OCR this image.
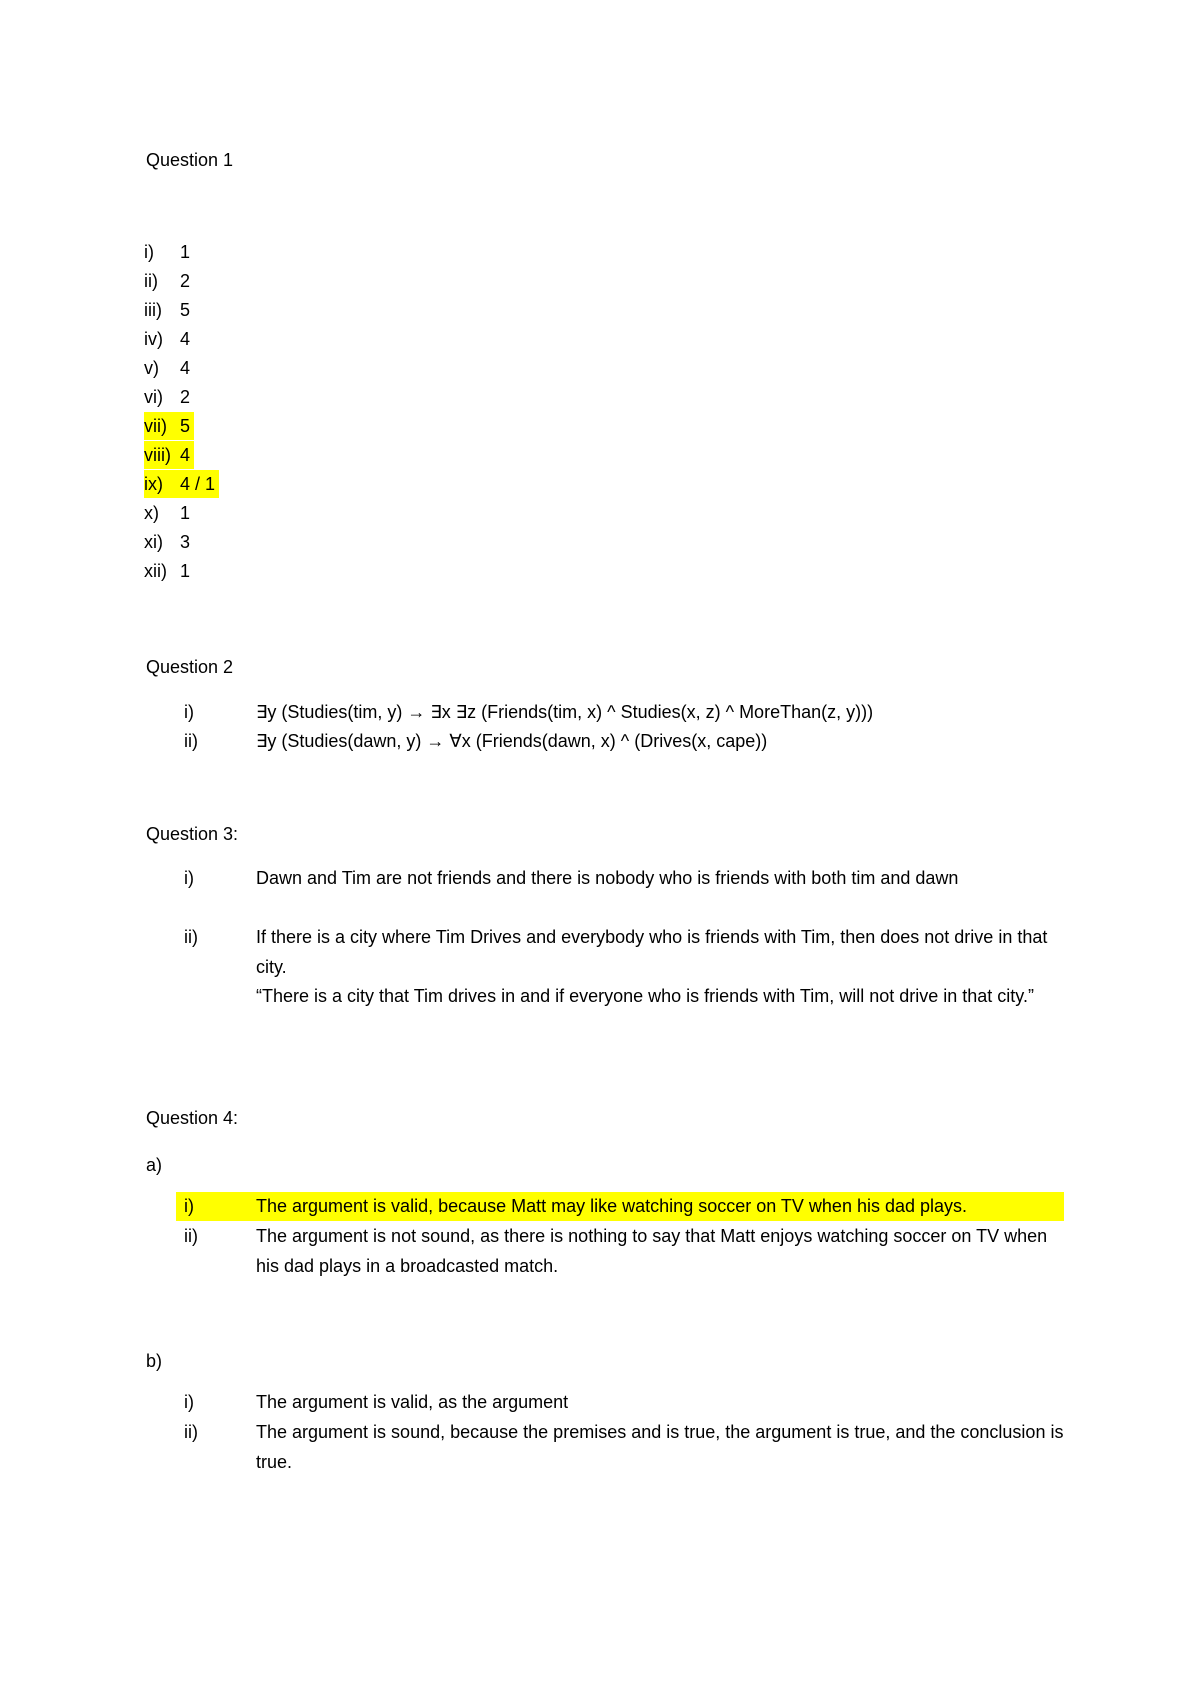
Question 1
i) 1
ii) 2
iii) 5
iv) 4
v) 4
vi) 2
vii) 5
viii) 4
ix) 4 / 1
x) 1
xi) 3
xii) 1
Question 2
i)	∃y (Studies(tim, y) → ∃x ∃z (Friends(tim, x) ^ Studies(x, z) ^ MoreThan(z, y)))
ii)	∃y (Studies(dawn, y) → ∀x (Friends(dawn, x) ^ (Drives(x, cape))
Question 3:
i)	Dawn and Tim are not friends and there is nobody who is friends with both tim and dawn
ii)	If there is a city where Tim Drives and everybody who is friends with Tim, then does not drive in that city.
“There is a city that Tim drives in and if everyone who is friends with Tim, will not drive in that city.”
Question 4:
a)
i)	The argument is valid, because Matt may like watching soccer on TV when his dad plays.
ii)	The argument is not sound, as there is nothing to say that Matt enjoys watching soccer on TV when his dad plays in a broadcasted match.
b)
i)	The argument is valid, as the argument
ii)	The argument is sound, because the premises and is true, the argument is true, and the conclusion is true.
